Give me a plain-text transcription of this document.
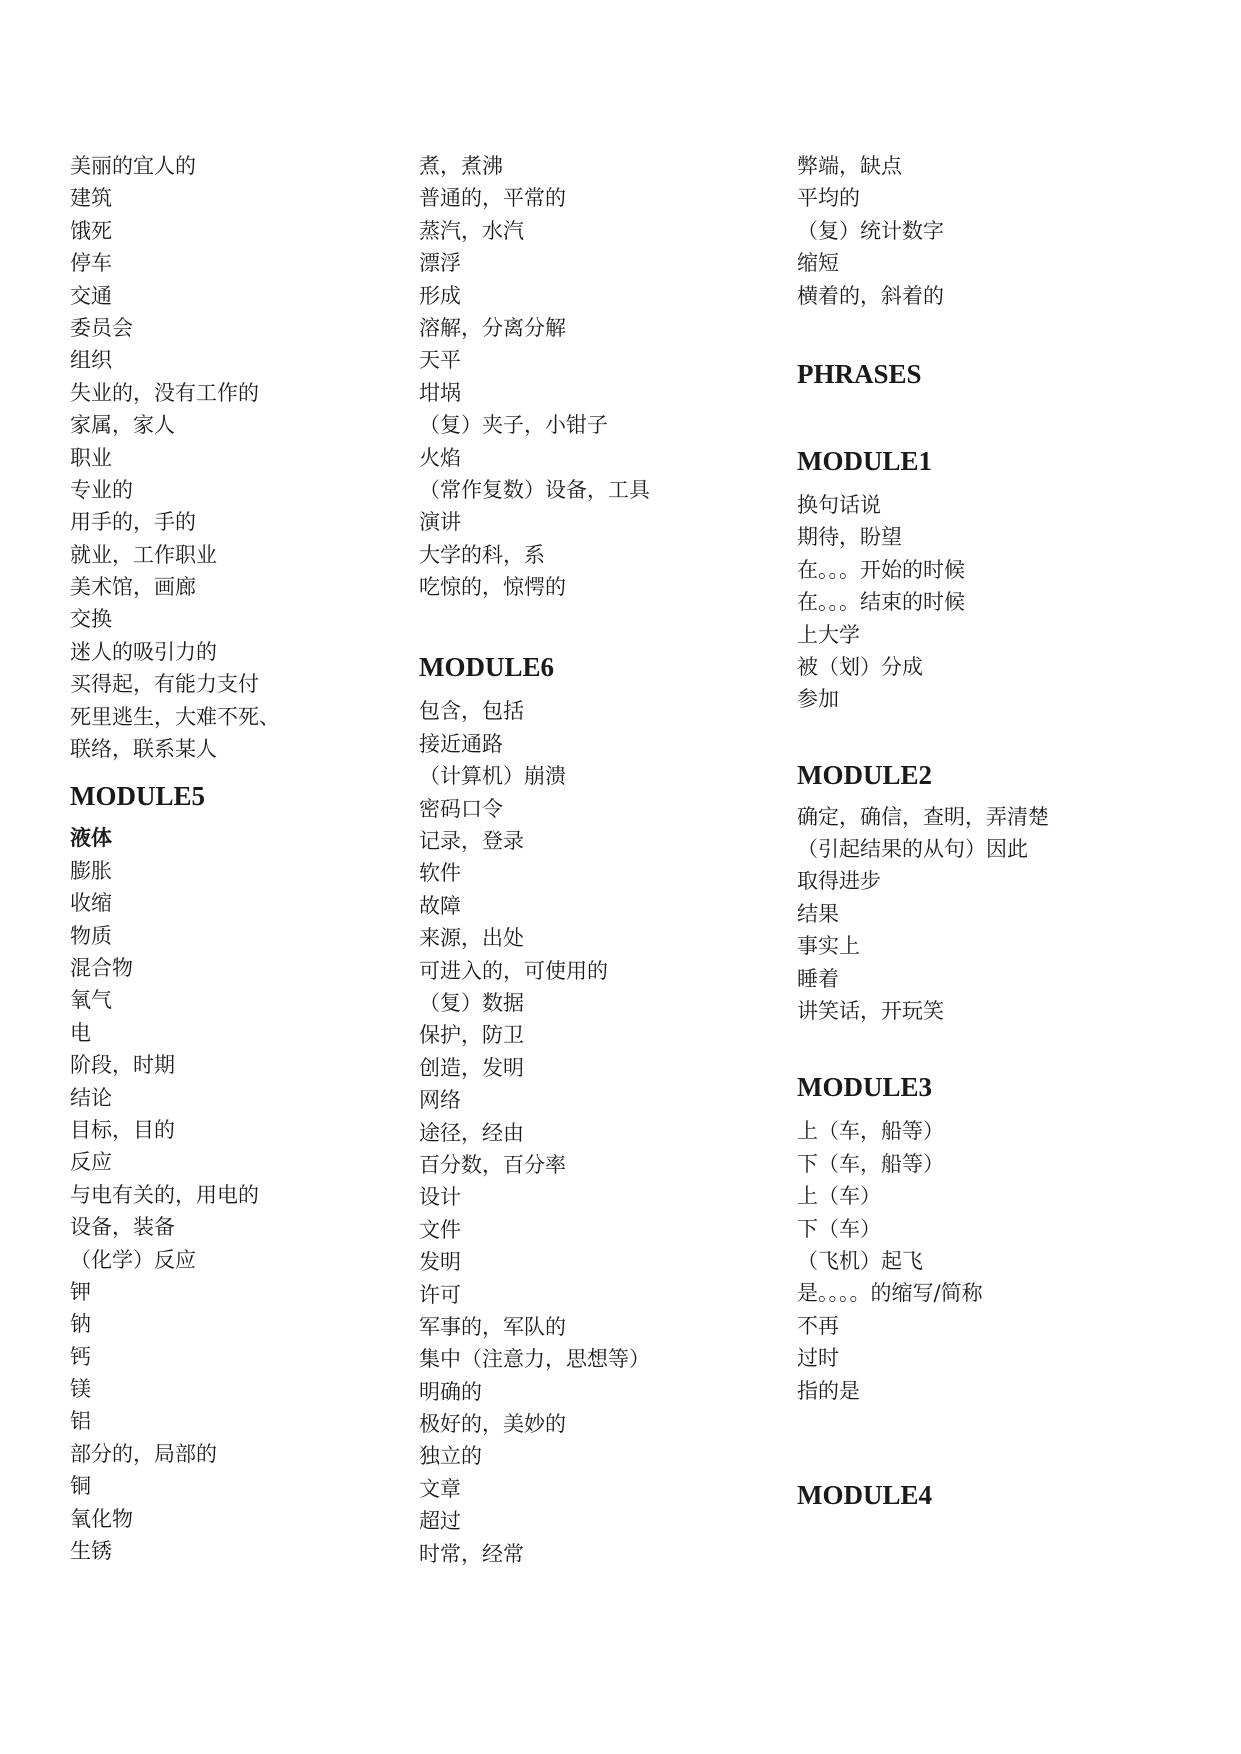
美丽的宜人的
建筑
饿死
停车
交通
委员会
组织
失业的，没有工作的
家属，家人
职业
专业的
用手的，手的
就业，工作职业
美术馆，画廊
交换
迷人的吸引力的
买得起，有能力支付
死里逃生，大难不死、
联络，联系某人
MODULE5
液体
膨胀
收缩
物质
混合物
氧气
电
阶段，时期
结论
目标，目的
反应
与电有关的，用电的
设备，装备
（化学）反应
钾
钠
钙
镁
铝
部分的，局部的
铜
氧化物
生锈
煮，煮沸
普通的，平常的
蒸汽，水汽
漂浮
形成
溶解，分离分解
天平
坩埚
（复）夹子，小钳子
火焰
（常作复数）设备，工具
演讲
大学的科，系
吃惊的，惊愕的
MODULE6
包含，包括
接近通路
（计算机）崩溃
密码口令
记录，登录
软件
故障
来源，出处
可进入的，可使用的
（复）数据
保护，防卫
创造，发明
网络
途径，经由
百分数，百分率
设计
文件
发明
许可
军事的，军队的
集中（注意力，思想等）
明确的
极好的，美妙的
独立的
文章
超过
时常，经常
弊端，缺点
平均的
（复）统计数字
缩短
横着的，斜着的
PHRASES
MODULE1
换句话说
期待，盼望
在。。。开始的时候
在。。。结束的时候
上大学
被（划）分成
参加
MODULE2
确定，确信，查明，弄清楚
（引起结果的从句）因此
取得进步
结果
事实上
睡着
讲笑话，开玩笑
MODULE3
上（车，船等）
下（车，船等）
上（车）
下（车）
（飞机）起飞
是。。。。的缩写/简称
不再
过时
指的是
MODULE4
